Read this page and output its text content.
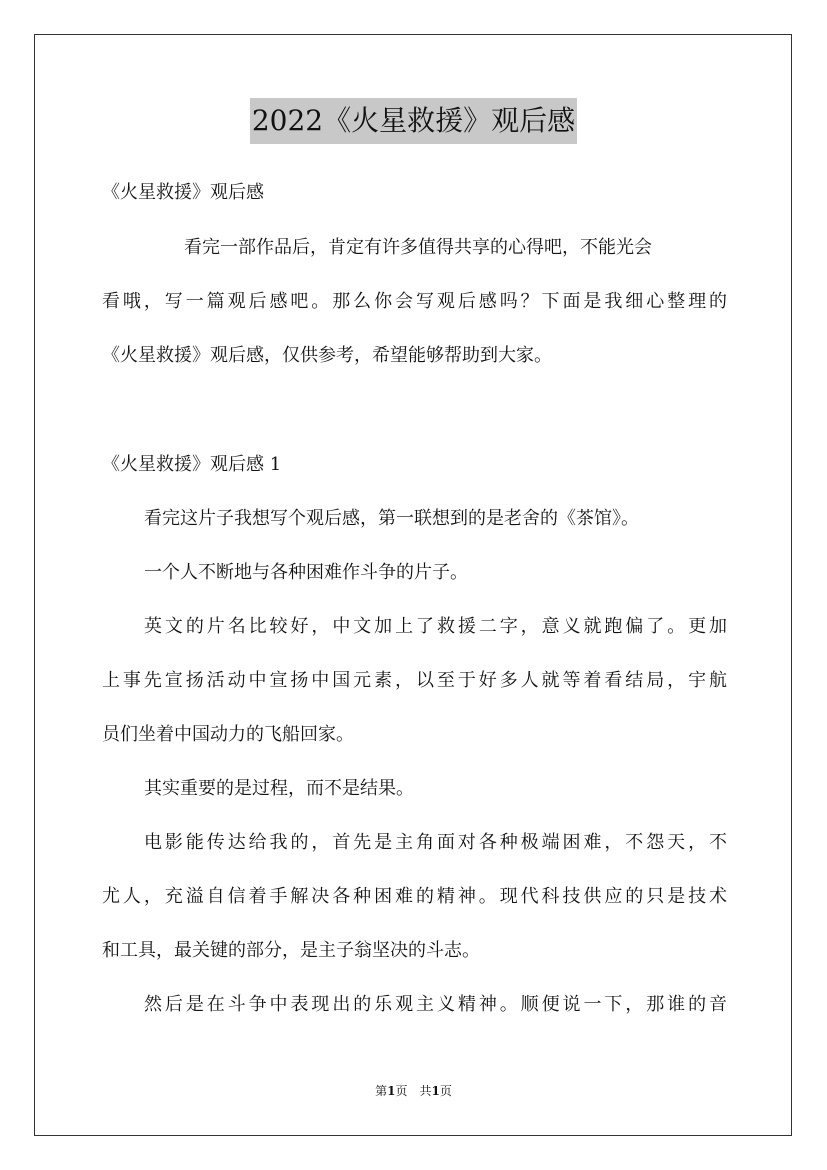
2022《火星救援》观后感
《火星救援》观后感
看完一部作品后，肯定有许多值得共享的心得吧，不能光会
看哦，写一篇观后感吧。那么你会写观后感吗？下面是我细心整理的
《火星救援》观后感，仅供参考，希望能够帮助到大家。
《火星救援》观后感 1
看完这片子我想写个观后感，第一联想到的是老舍的《茶馆》。
一个人不断地与各种困难作斗争的片子。
英文的片名比较好，中文加上了救援二字，意义就跑偏了。更加
上事先宣扬活动中宣扬中国元素，以至于好多人就等着看结局，宇航
员们坐着中国动力的飞船回家。
其实重要的是过程，而不是结果。
电影能传达给我的，首先是主角面对各种极端困难，不怨天，不
尤人，充溢自信着手解决各种困难的精神。现代科技供应的只是技术
和工具，最关键的部分，是主子翁坚决的斗志。
然后是在斗争中表现出的乐观主义精神。顺便说一下，那谁的音
第1页　共1页
